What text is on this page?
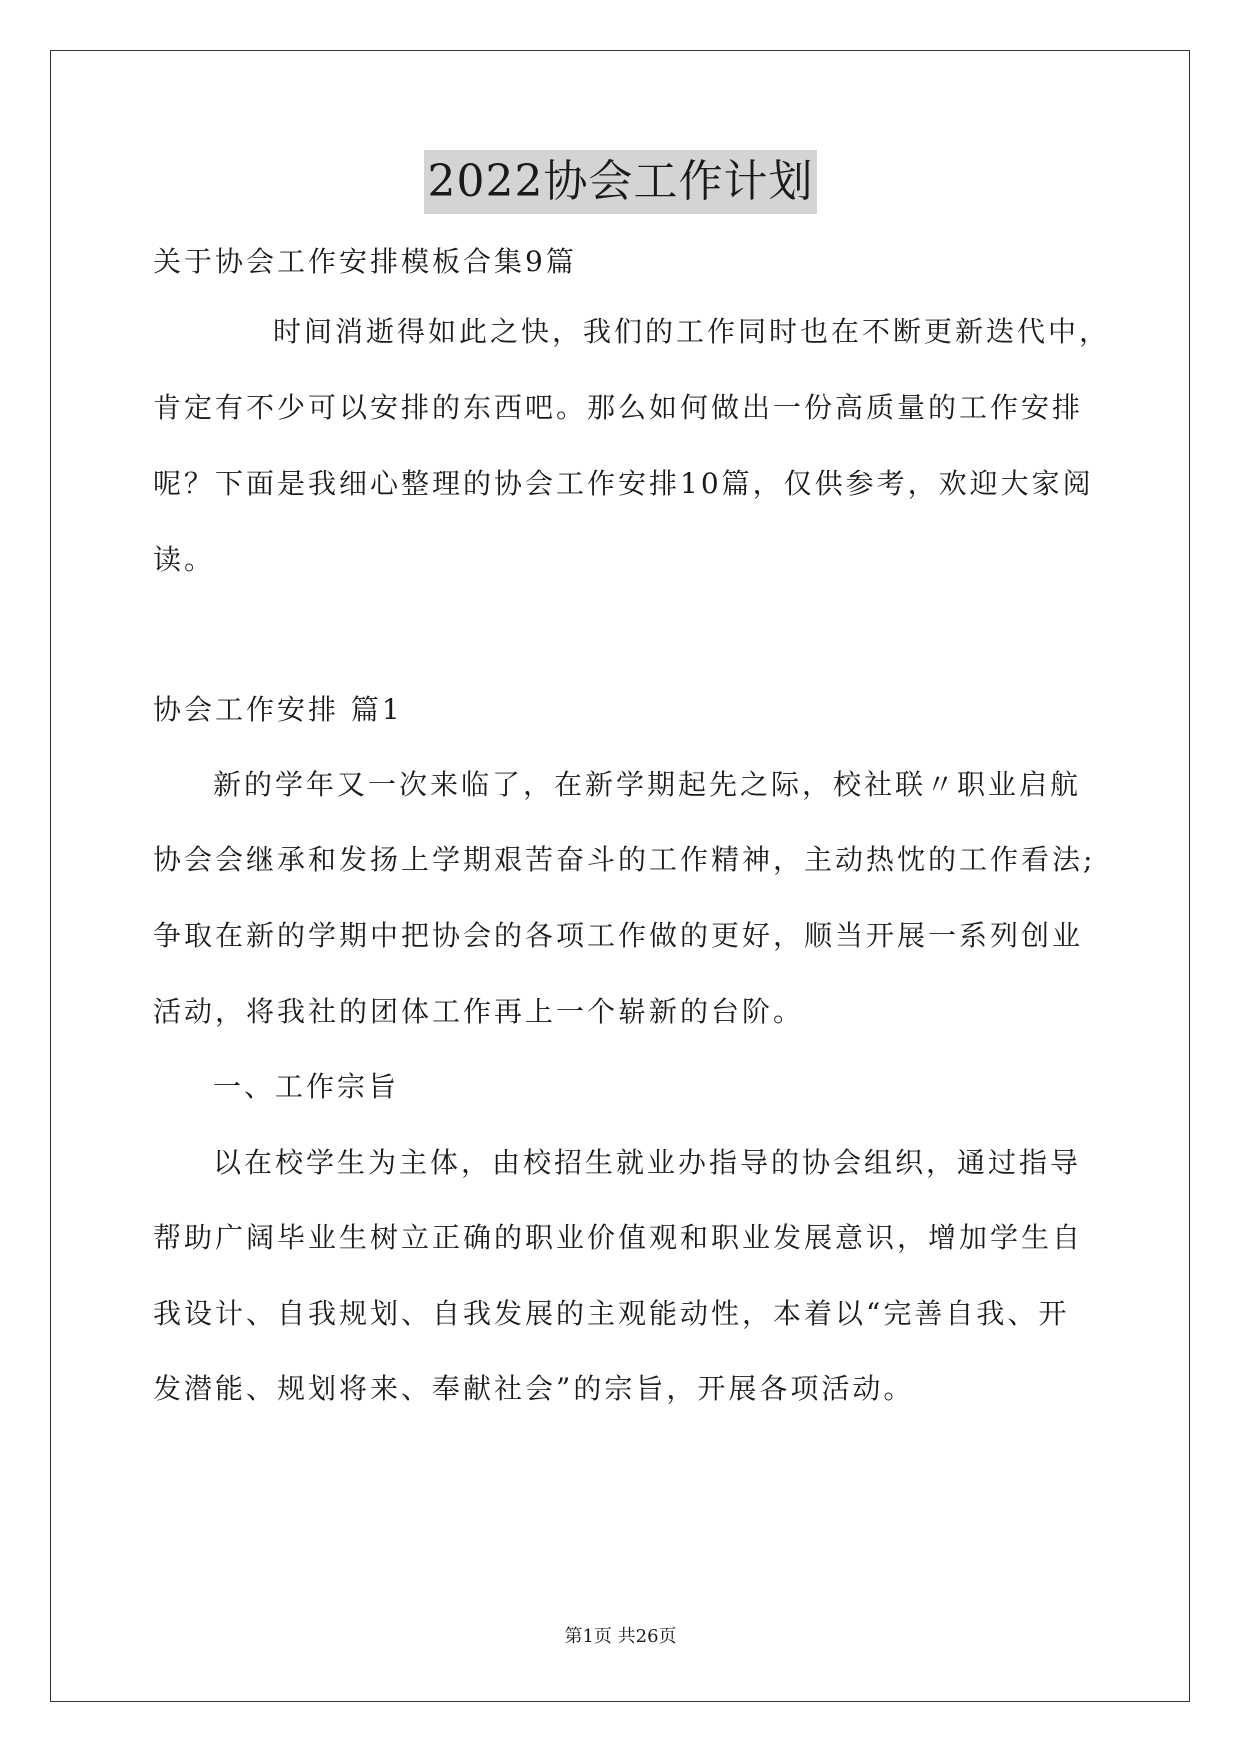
2022协会工作计划
关于协会工作安排模板合集9篇
时间消逝得如此之快，我们的工作同时也在不断更新迭代中，
肯定有不少可以安排的东西吧。那么如何做出一份高质量的工作安排
呢？下面是我细心整理的协会工作安排10篇，仅供参考，欢迎大家阅
读。
协会工作安排 篇1
新的学年又一次来临了，在新学期起先之际，校社联〃职业启航
协会会继承和发扬上学期艰苦奋斗的工作精神，主动热忱的工作看法;
争取在新的学期中把协会的各项工作做的更好，顺当开展一系列创业
活动，将我社的团体工作再上一个崭新的台阶。
一、工作宗旨
以在校学生为主体，由校招生就业办指导的协会组织，通过指导
帮助广阔毕业生树立正确的职业价值观和职业发展意识，增加学生自
我设计、自我规划、自我发展的主观能动性，本着以“完善自我、开
发潜能、规划将来、奉献社会”的宗旨，开展各项活动。
第1页 共26页
